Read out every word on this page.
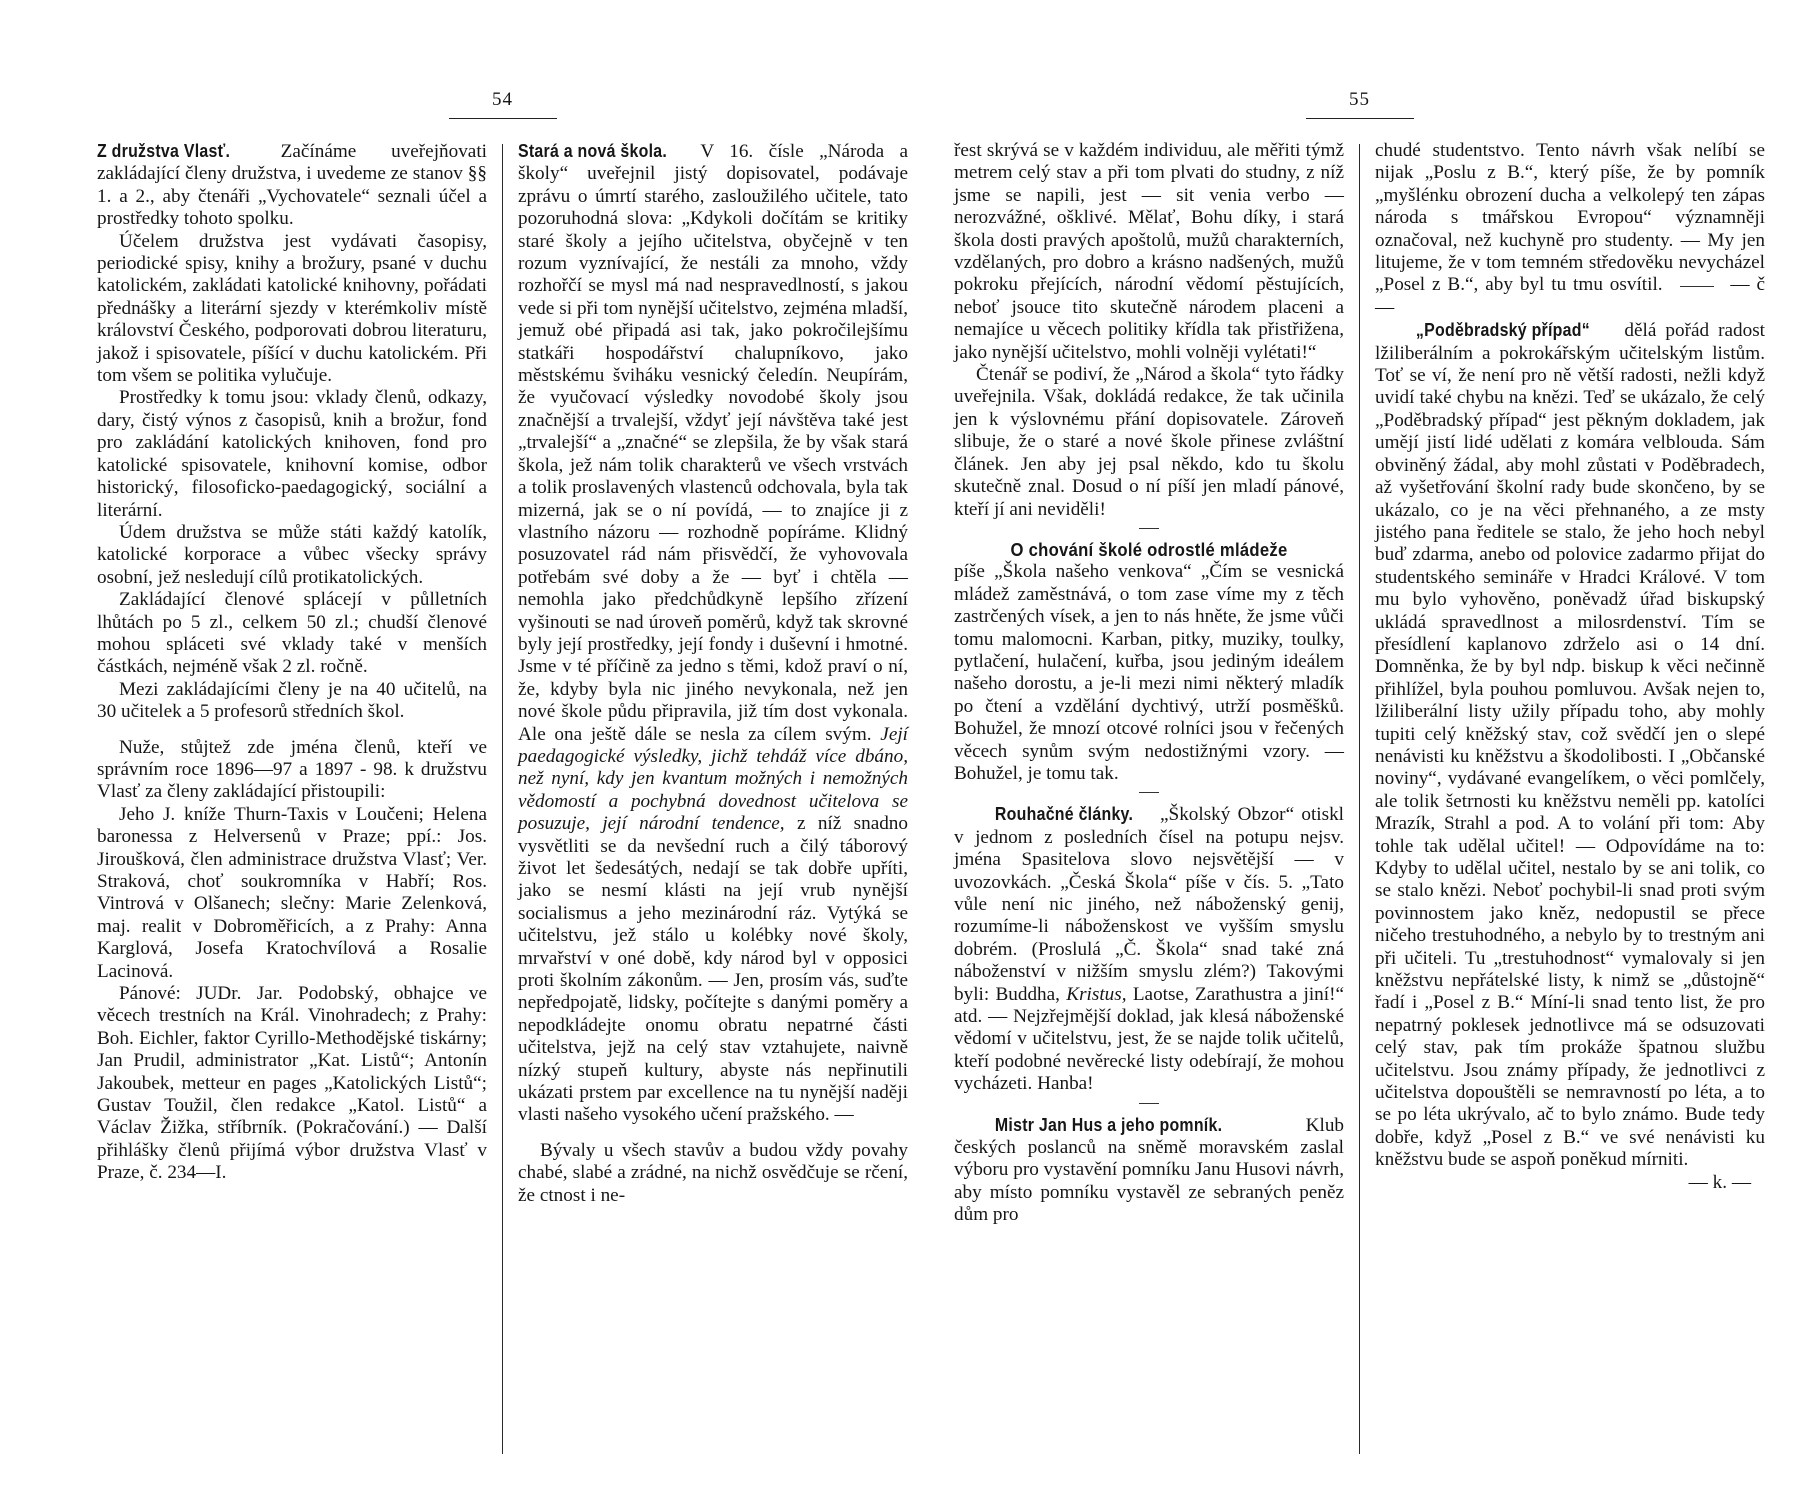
54

Z družstva Vlasť.	Začínáme uveřejňovati zakládající členy družstva, i uvedeme ze stanov §§ 1. a 2., aby čtenáři „Vychovatele“ seznali účel a prostředky tohoto spolku.

Účelem družstva jest vydávati časopisy, periodické spisy, knihy a brožury, psané v duchu katolickém, zakládati katolické knihovny, pořádati přednášky a literární sjezdy v kterémkoliv místě království Českého, podporovati dobrou literaturu, jakož i spisovatele, píšící v duchu katolickém. Při tom všem se politika vylučuje.

Prostředky k tomu jsou: vklady členů, odkazy, dary, čistý výnos z časopisů, knih a brožur, fond pro zakládání katolických knihoven, fond pro katolické spisovatele, knihovní komise, odbor historický, filosoficko-paedagogický, sociální a literární.

Údem družstva se může státi každý katolík, katolické korporace a vůbec všecky správy osobní, jež nesledují cílů protikatolických.

Zakládající členové splácejí v půlletních lhůtách po 5 zl., celkem 50 zl.; chudší členové mohou spláceti své vklady také v menších částkách, nejméně však 2 zl. ročně.

Mezi zakládajícími členy je na 40 učitelů, na 30 učitelek a 5 profesorů středních škol.

Nuže, stůjtež zde jména členů, kteří ve správním roce 1896—97 a 1897 - 98. k družstvu Vlasť za členy zakládající přistoupili:

Jeho J. kníže Thurn-Taxis v Loučeni; Helena baronessa z Helversenů v Praze; ppí.: Jos. Jiroušková, člen administrace družstva Vlasť; Ver. Straková, choť soukromníka v Habří; Ros. Vintrová v Olšanech; slečny: Marie Zelenková, maj. realit v Dobroměřicích, a z Prahy: Anna Karglová, Josefa Kratochvílová a Rosalie Lacinová.

Pánové: JUDr. Jar. Podobský, obhajce ve věcech trestních na Král. Vinohradech; z Prahy: Boh. Eichler, faktor Cyrillo-Methodějské tiskárny; Jan Prudil, administrator „Kat. Listů“; Antonín Jakoubek, metteur en pages „Katolických Listů“; Gustav Toužil, člen redakce „Katol. Listů“ a Václav Žižka, stříbrník. (Pokračování.) — Další přihlášky členů přijímá výbor družstva Vlasť v Praze, č. 234—I.

Stará a nová škola. V 16. čísle „Národa a školy“ uveřejnil jistý dopisovatel, podávaje zprávu o úmrtí starého, zasloužilého učitele, tato pozoruhodná slova: „Kdykoli dočítám se kritiky staré školy a jejího učitelstva, obyčejně v ten rozum vyznívající, že nestáli za mnoho, vždy rozhořčí se mysl má nad nespravedlností, s jakou vede si při tom nynější učitelstvo, zejména mladší, jemuž obé připadá asi tak, jako pokročilejšímu statkáři hospodářství chalupníkovo, jako městskému šviháku vesnický čeledín. Neupírám, že vyučovací výsledky novodobé školy jsou značnější a trvalejší, vždyť její návštěva také jest „trvalejší“ a „značné“ se zlepšila, že by však stará škola, jež nám tolik charakterů ve všech vrstvách a tolik proslavených vlastenců odchovala, byla tak mizerná, jak se o ní povídá, — to znajíce ji z vlastního názoru — rozhodně popíráme. Klidný posuzovatel rád nám přisvědčí, že vyhovovala potřebám své doby a že — byť i chtěla — nemohla jako předchůdkyně lepšího zřízení vyšinouti se nad úroveň poměrů, když tak skrovné byly její prostředky, její fondy i duševní i hmotné. Jsme v té příčině za jedno s těmi, kdož praví o ní, že, kdyby byla nic jiného nevykonala, než jen nové škole půdu připravila, již tím dost vykonala. Ale ona ještě dále se nesla za cílem svým. Její paedagogické výsledky, jichž tehdáž více dbáno, než nyní, kdy jen kvantum možných i nemožných vědomostí a pochybná dovednost učitelova se posuzuje, její národní tendence, z níž snadno vysvětliti se da nevšední ruch a čilý táborový život let šedesátých, nedají se tak dobře upříti, jako se nesmí klásti na její vrub nynější socialismus a jeho mezinárodní ráz. Vytýká se učitelstvu, jež stálo u kolébky nové školy, mrvařství v oné době, kdy národ byl v opposici proti školním zákonům. — Jen, prosím vás, suďte nepředpojatě, lidsky, počítejte s danými poměry a nepodkládejte onomu obratu nepatrné části učitelstva, jejž na celý stav vztahujete, naivně nízký stupeň kultury, abyste nás nepřinutili ukázati prstem par excellence na tu nynější naději vlasti našeho vysokého učení pražského. —

Bývaly u všech stavův a budou vždy povahy chabé, slabé a zrádné, na nichž osvědčuje se rčení, že ctnost i ne-

55

řest skrývá se v každém individuu, ale měřiti týmž metrem celý stav a při tom plvati do studny, z níž jsme se napili, jest — sit venia verbo — nerozvážné, ošklivé. Mělať, Bohu díky, i stará škola dosti pravých apoštolů, mužů charakterních, vzdělaných, pro dobro a krásno nadšených, mužů pokroku přejících, národní vědomí pěstujících, neboť jsouce tito skutečně národem placeni a nemajíce u věcech politiky křídla tak přistřižena, jako nynější učitelstvo, mohli volněji vylétati!“

Čtenář se podiví, že „Národ a škola“ tyto řádky uveřejnila. Však, dokládá redakce, že tak učinila jen k výslovnému přání dopisovatele. Zároveň slibuje, že o staré a nové škole přinese zvláštní článek. Jen aby jej psal někdo, kdo tu školu skutečně znal. Dosud o ní píší jen mladí pánové, kteří jí ani neviděli!

O chování školé odrostlé mládeže

píše „Škola našeho venkova“ „Čím se vesnická mládež zaměstnává, o tom zase víme my z těch zastrčených vísek, a jen to nás hněte, že jsme vůči tomu malomocni. Karban, pitky, muziky, toulky, pytlačení, hulačení, kuřba, jsou jediným ideálem našeho dorostu, a je-li mezi nimi některý mladík po čtení a vzdělání dychtivý, utrží posměšků. Bohužel, že mnozí otcové rolníci jsou v řečených věcech synům svým nedostižnými vzory. — Bohužel, je tomu tak.

Rouhačné články. „Školský Obzor“ otiskl v jednom z posledních čísel na potupu nejsv. jména Spasitelova slovo nejsvětější — v uvozovkách. „Česká Škola“ píše v čís. 5. „Tato vůle není nic jiného, než náboženský genij, rozumíme-li náboženskost ve vyšším smyslu dobrém. (Proslulá „Č. Škola“ snad také zná náboženství v nižším smyslu zlém?) Takovými byli: Buddha, Kristus, Laotse, Zarathustra a jiní!“ atd. — Nejzřejmější doklad, jak klesá náboženské vědomí v učitelstvu, jest, že se najde tolik učitelů, kteří podobné nevěrecké listy odebírají, že mohou vycházeti. Hanba!

Mistr Jan Hus a jeho pomník.	Klub českých poslanců na sněmě moravském zaslal výboru pro vystavění pomníku Janu Husovi návrh, aby místo pomníku vystavěl ze sebraných peněz dům pro

chudé studentstvo. Tento návrh však nelíbí se nijak „Poslu z B.“, který píše, že by pomník „myšlénku obrození ducha a velkolepý ten zápas národa s tmářskou Evropou“ významněji označoval, než kuchyně pro studenty. — My jen litujeme, že v tom temném středověku nevycházel „Posel z B.“, aby byl tu tmu osvítil.	— č —

„Poděbradský případ“ dělá pořád radost lžiliberálním a pokrokářským učitelským listům. Toť se ví, že není pro ně větší radosti, nežli když uvidí také chybu na knězi. Teď se ukázalo, že celý „Poděbradský případ“ jest pěkným dokladem, jak umějí jistí lidé udělati z komára velblouda. Sám obviněný žádal, aby mohl zůstati v Poděbradech, až vyšetřování školní rady bude skončeno, by se ukázalo, co je na věci přehnaného, a ze msty jistého pana ředitele se stalo, že jeho hoch nebyl buď zdarma, anebo od polovice zadarmo přijat do studentského semináře v Hradci Králové. V tom mu bylo vyhověno, poněvadž úřad biskupský ukládá spravedlnost a milosrdenství. Tím se přesídlení kaplanovo zdrželo asi o 14 dní. Domněnka, že by byl ndp. biskup k věci nečinně přihlížel, byla pouhou pomluvou. Avšak nejen to, lžiliberální listy užily případu toho, aby mohly tupiti celý kněžský stav, což svědčí jen o slepé nenávisti ku kněžstvu a škodolibosti. I „Občanské noviny“, vydávané evangelíkem, o věci pomlčely, ale tolik šetrnosti ku kněžstvu neměli pp. katolíci Mrazík, Strahl a pod. A to volání při tom: Aby tohle tak udělal učitel! — Odpovídáme na to: Kdyby to udělal učitel, nestalo by se ani tolik, co se stalo knězi. Neboť pochybil-li snad proti svým povinnostem jako kněz, nedopustil se přece ničeho trestuhodného, a nebylo by to trestným ani při učiteli. Tu „trestuhodnost“ vymalovaly si jen kněžstvu nepřátelské listy, k nimž se „důstojně“ řadí i „Posel z B.“ Míní-li snad tento list, že pro nepatrný poklesek jednotlivce má se odsuzovati celý stav, pak tím prokáže špatnou službu učitelstvu. Jsou známy případy, že jednotlivci z učitelstva dopouštěli se nemravností po léta, a to se po léta ukrývalo, ač to bylo známo. Bude tedy dobře, když „Posel z B.“ ve své nenávisti ku kněžstvu bude se aspoň poněkud mírniti.

— k. —
